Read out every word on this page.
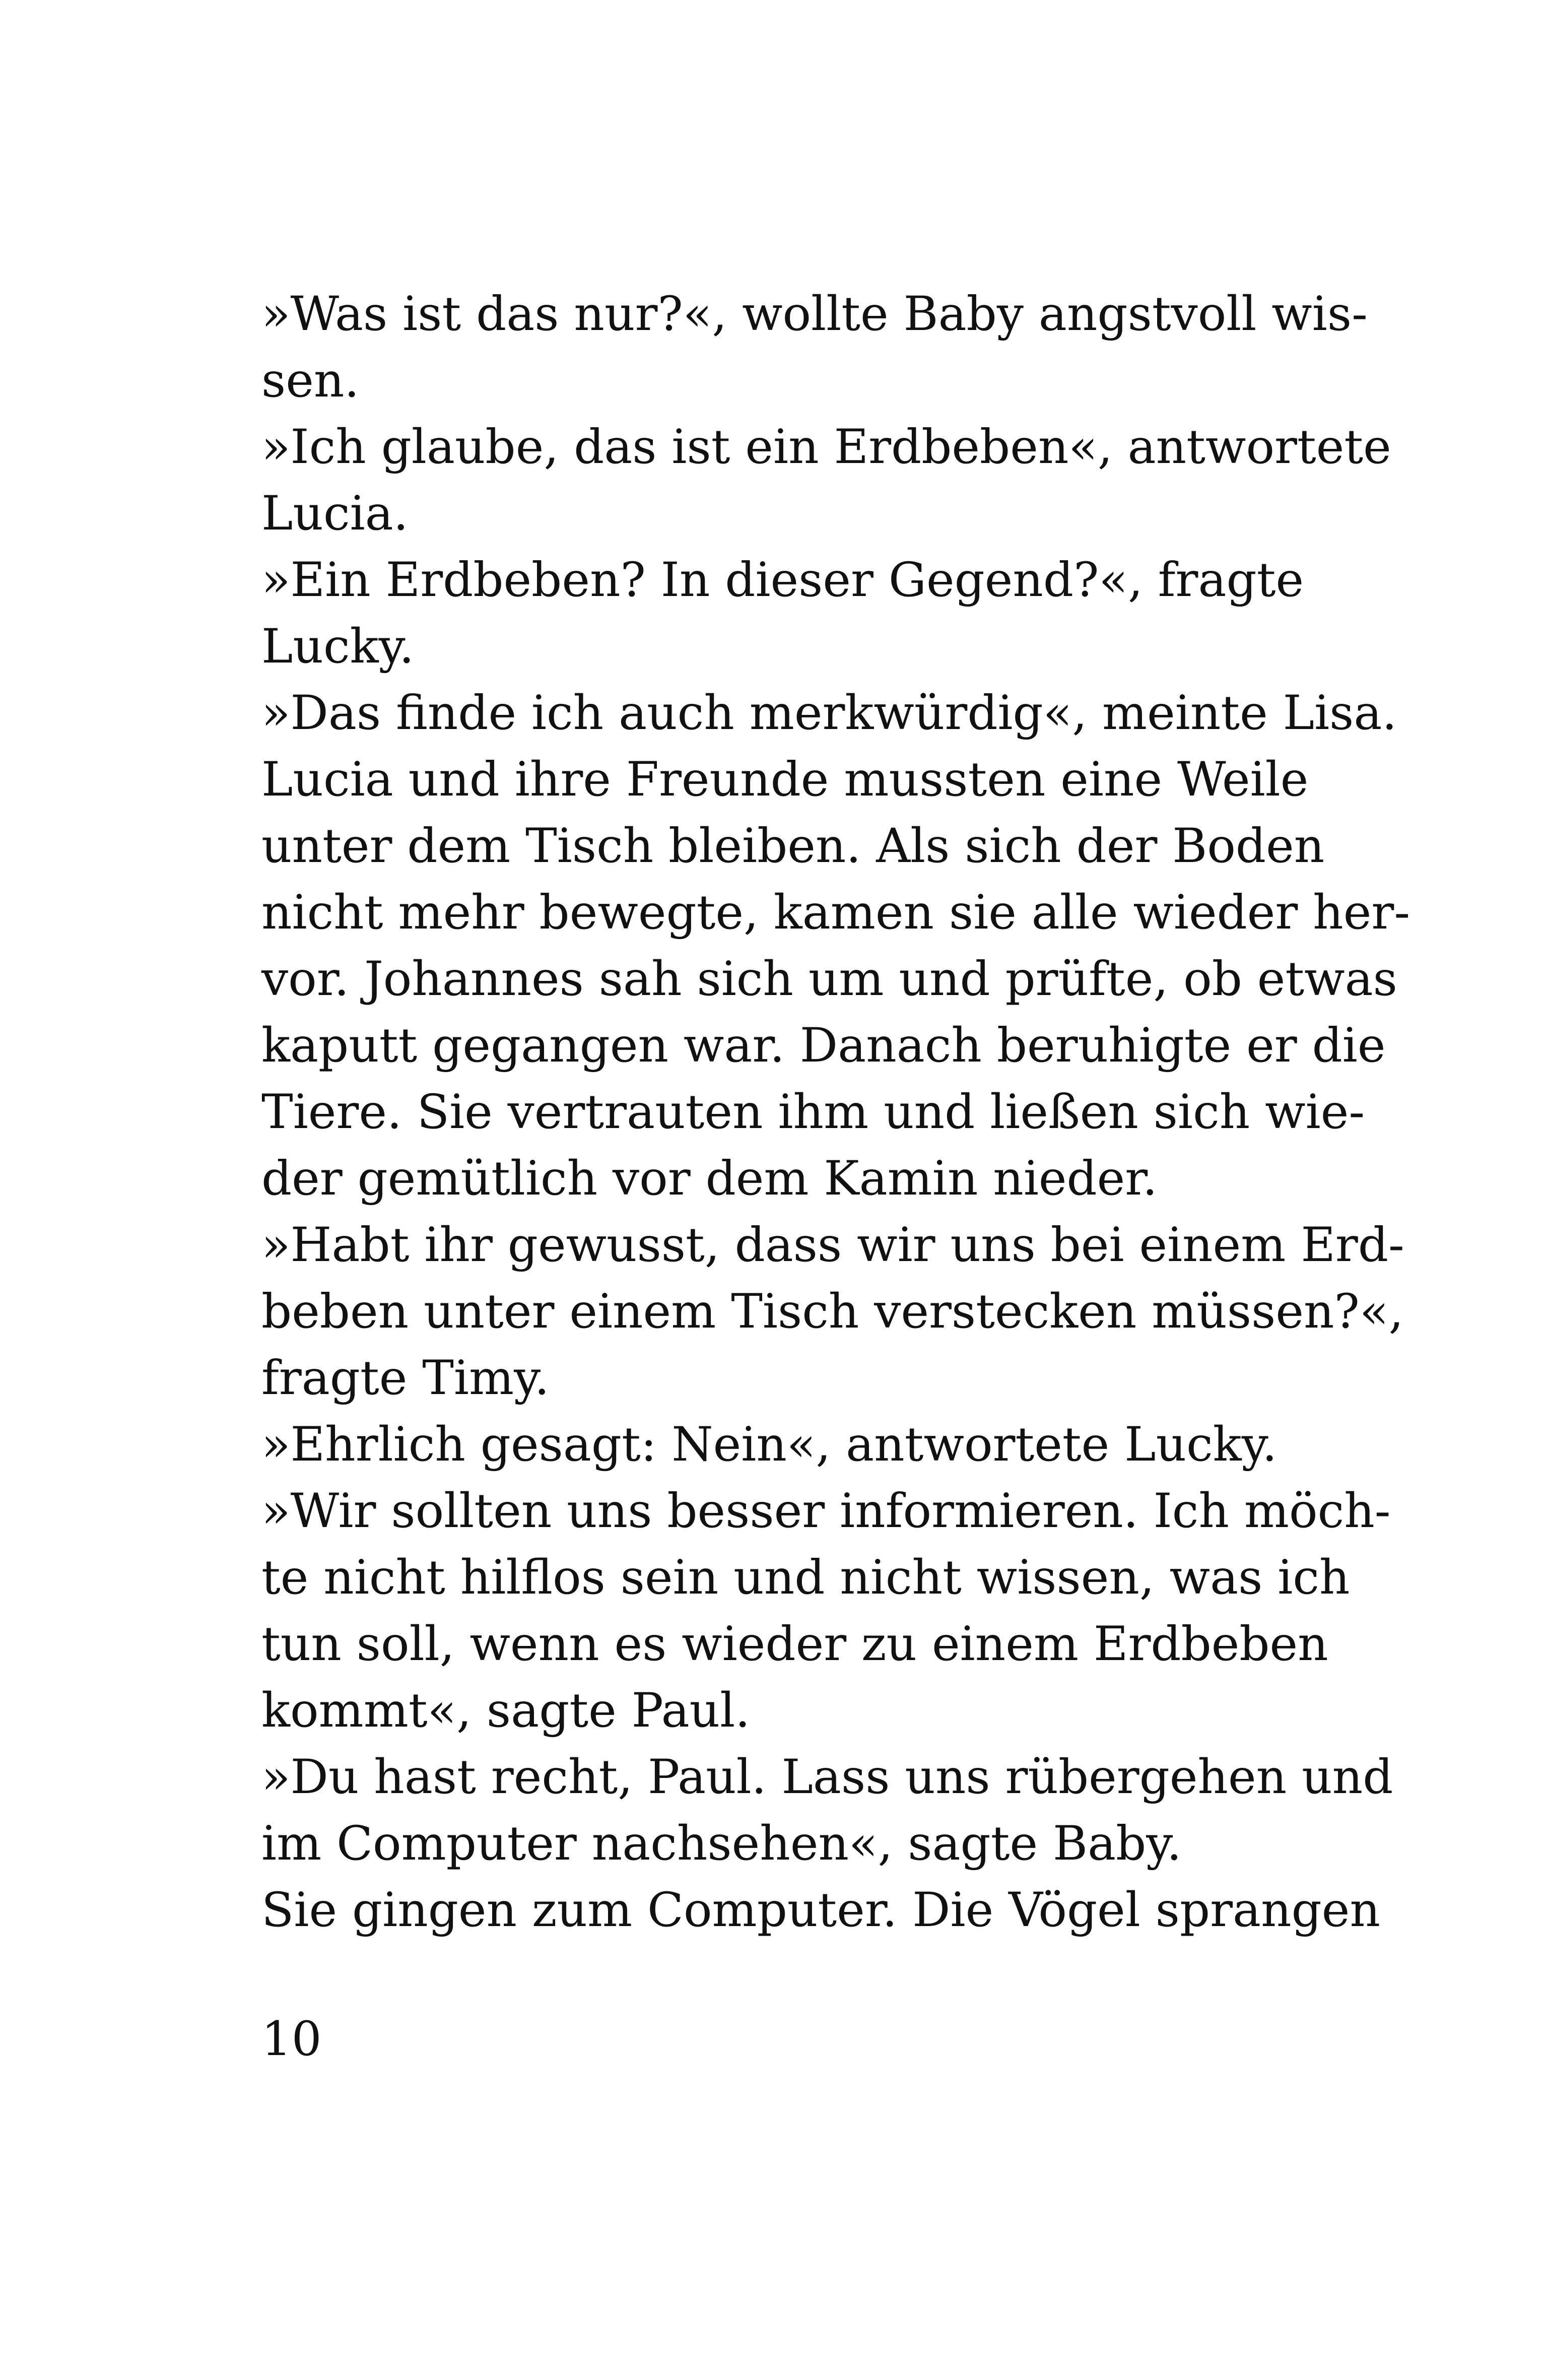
»Was ist das nur?«, wollte Baby angstvoll wis-
sen.
»Ich glaube, das ist ein Erdbeben«, antwortete
Lucia.
»Ein Erdbeben? In dieser Gegend?«, fragte
Lucky.
»Das finde ich auch merkwürdig«, meinte Lisa.
Lucia und ihre Freunde mussten eine Weile
unter dem Tisch bleiben. Als sich der Boden
nicht mehr bewegte, kamen sie alle wieder her-
vor. Johannes sah sich um und prüfte, ob etwas
kaputt gegangen war. Danach beruhigte er die
Tiere. Sie vertrauten ihm und ließen sich wie-
der gemütlich vor dem Kamin nieder.
»Habt ihr gewusst, dass wir uns bei einem Erd-
beben unter einem Tisch verstecken müssen?«,
fragte Timy.
»Ehrlich gesagt: Nein«, antwortete Lucky.
»Wir sollten uns besser informieren. Ich möch-
te nicht hilflos sein und nicht wissen, was ich
tun soll, wenn es wieder zu einem Erdbeben
kommt«, sagte Paul.
»Du hast recht, Paul. Lass uns rübergehen und
im Computer nachsehen«, sagte Baby.
Sie gingen zum Computer. Die Vögel sprangen
10
